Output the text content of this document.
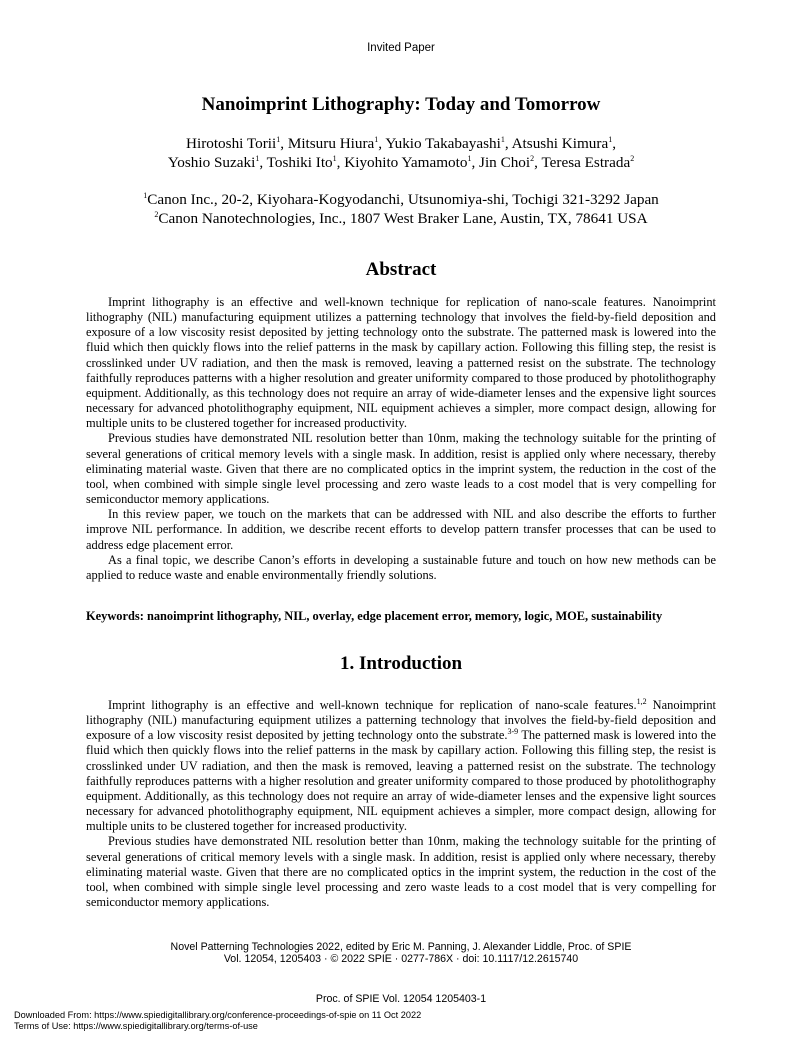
Invited Paper
Nanoimprint Lithography: Today and Tomorrow
Hirotoshi Torii$^1$, Mitsuru Hiura$^1$, Yukio Takabayashi$^1$, Atsushi Kimura$^1$,
Yoshio Suzaki$^1$, Toshiki Ito$^1$, Kiyohito Yamamoto$^1$, Jin Choi$^2$, Teresa Estrada$^2$
$^1$Canon Inc., 20-2, Kiyohara-Kogyodanchi, Utsunomiya-shi, Tochigi 321-3292 Japan
$^2$Canon Nanotechnologies, Inc., 1807 West Braker Lane, Austin, TX, 78641 USA
Abstract

Imprint lithography is an effective and well-known technique for replication of nano-scale features. Nanoimprint lithography (NIL) manufacturing equipment utilizes a patterning technology that involves the field-by-field deposition and exposure of a low viscosity resist deposited by jetting technology onto the substrate. The patterned mask is lowered into the fluid which then quickly flows into the relief patterns in the mask by capillary action. Following this filling step, the resist is crosslinked under UV radiation, and then the mask is removed, leaving a patterned resist on the substrate. The technology faithfully reproduces patterns with a higher resolution and greater uniformity compared to those produced by photolithography equipment. Additionally, as this technology does not require an array of wide-diameter lenses and the expensive light sources necessary for advanced photolithography equipment, NIL equipment achieves a simpler, more compact design, allowing for multiple units to be clustered together for increased productivity.

Previous studies have demonstrated NIL resolution better than 10nm, making the technology suitable for the printing of several generations of critical memory levels with a single mask. In addition, resist is applied only where necessary, thereby eliminating material waste. Given that there are no complicated optics in the imprint system, the reduction in the cost of the tool, when combined with simple single level processing and zero waste leads to a cost model that is very compelling for semiconductor memory applications.

In this review paper, we touch on the markets that can be addressed with NIL and also describe the efforts to further improve NIL performance. In addition, we describe recent efforts to develop pattern transfer processes that can be used to address edge placement error.

As a final topic, we describe Canon’s efforts in developing a sustainable future and touch on how new methods can be applied to reduce waste and enable environmentally friendly solutions.

Keywords: nanoimprint lithography, NIL, overlay, edge placement error, memory, logic, MOE, sustainability
1. Introduction

Imprint lithography is an effective and well-known technique for replication of nano-scale features.$^{1,2}$ Nanoimprint lithography (NIL) manufacturing equipment utilizes a patterning technology that involves the field-by-field deposition and exposure of a low viscosity resist deposited by jetting technology onto the substrate.$^{3-9}$ The patterned mask is lowered into the fluid which then quickly flows into the relief patterns in the mask by capillary action. Following this filling step, the resist is crosslinked under UV radiation, and then the mask is removed, leaving a patterned resist on the substrate. The technology faithfully reproduces patterns with a higher resolution and greater uniformity compared to those produced by photolithography equipment. Additionally, as this technology does not require an array of wide-diameter lenses and the expensive light sources necessary for advanced photolithography equipment, NIL equipment achieves a simpler, more compact design, allowing for multiple units to be clustered together for increased productivity.

Previous studies have demonstrated NIL resolution better than 10nm, making the technology suitable for the printing of several generations of critical memory levels with a single mask. In addition, resist is applied only where necessary, thereby eliminating material waste. Given that there are no complicated optics in the imprint system, the reduction in the cost of the tool, when combined with simple single level processing and zero waste leads to a cost model that is very compelling for semiconductor memory applications.

Novel Patterning Technologies 2022, edited by Eric M. Panning, J. Alexander Liddle, Proc. of SPIE
Vol. 12054, 1205403 · © 2022 SPIE · 0277-786X · doi: 10.1117/12.2615740
Proc. of SPIE Vol. 12054 1205403-1
Downloaded From: https://www.spiedigitallibrary.org/conference-proceedings-of-spie on 11 Oct 2022
Terms of Use: https://www.spiedigitallibrary.org/terms-of-use
